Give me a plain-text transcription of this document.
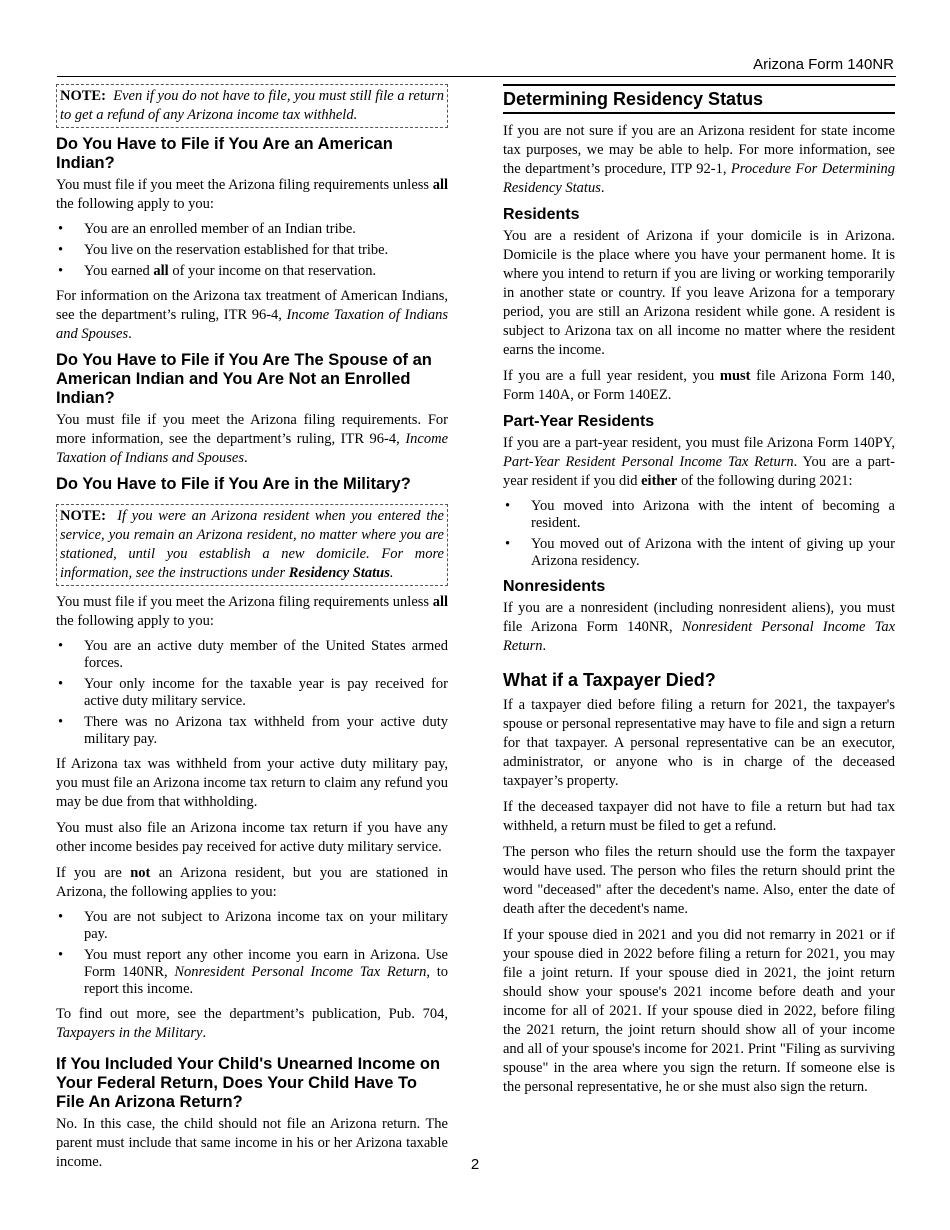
Arizona Form 140NR
NOTE: Even if you do not have to file, you must still file a return to get a refund of any Arizona income tax withheld.
Do You Have to File if You Are an American Indian?

You must file if you meet the Arizona filing requirements unless all the following apply to you:

• You are an enrolled member of an Indian tribe.
• You live on the reservation established for that tribe.
• You earned all of your income on that reservation.

For information on the Arizona tax treatment of American Indians, see the department’s ruling, ITR 96-4, Income Taxation of Indians and Spouses.

Do You Have to File if You Are The Spouse of an American Indian and You Are Not an Enrolled Indian?

You must file if you meet the Arizona filing requirements. For more information, see the department’s ruling, ITR 96-4, Income Taxation of Indians and Spouses.

Do You Have to File if You Are in the Military?
NOTE: If you were an Arizona resident when you entered the service, you remain an Arizona resident, no matter where you are stationed, until you establish a new domicile. For more information, see the instructions under Residency Status.

You must file if you meet the Arizona filing requirements unless all the following apply to you:

• You are an active duty member of the United States armed forces.
• Your only income for the taxable year is pay received for active duty military service.
• There was no Arizona tax withheld from your active duty military pay.

If Arizona tax was withheld from your active duty military pay, you must file an Arizona income tax return to claim any refund you may be due from that withholding.

You must also file an Arizona income tax return if you have any other income besides pay received for active duty military service.

If you are not an Arizona resident, but you are stationed in Arizona, the following applies to you:

• You are not subject to Arizona income tax on your military pay.
• You must report any other income you earn in Arizona. Use Form 140NR, Nonresident Personal Income Tax Return, to report this income.

To find out more, see the department’s publication, Pub. 704, Taxpayers in the Military.

If You Included Your Child's Unearned Income on Your Federal Return, Does Your Child Have To File An Arizona Return?

No. In this case, the child should not file an Arizona return. The parent must include that same income in his or her Arizona taxable income.

Determining Residency Status

If you are not sure if you are an Arizona resident for state income tax purposes, we may be able to help. For more information, see the department’s procedure, ITP 92-1, Procedure For Determining Residency Status.

Residents

You are a resident of Arizona if your domicile is in Arizona. Domicile is the place where you have your permanent home. It is where you intend to return if you are living or working temporarily in another state or country. If you leave Arizona for a temporary period, you are still an Arizona resident while gone. A resident is subject to Arizona tax on all income no matter where the resident earns the income.

If you are a full year resident, you must file Arizona Form 140, Form 140A, or Form 140EZ.

Part-Year Residents

If you are a part-year resident, you must file Arizona Form 140PY, Part-Year Resident Personal Income Tax Return. You are a part-year resident if you did either of the following during 2021:

• You moved into Arizona with the intent of becoming a resident.
• You moved out of Arizona with the intent of giving up your Arizona residency.
Nonresidents

If you are a nonresident (including nonresident aliens), you must file Arizona Form 140NR, Nonresident Personal Income Tax Return.

What if a Taxpayer Died?

If a taxpayer died before filing a return for 2021, the taxpayer's spouse or personal representative may have to file and sign a return for that taxpayer. A personal representative can be an executor, administrator, or anyone who is in charge of the deceased taxpayer’s property.

If the deceased taxpayer did not have to file a return but had tax withheld, a return must be filed to get a refund.

The person who files the return should use the form the taxpayer would have used. The person who files the return should print the word "deceased" after the decedent's name. Also, enter the date of death after the decedent's name.

If your spouse died in 2021 and you did not remarry in 2021 or if your spouse died in 2022 before filing a return for 2021, you may file a joint return. If your spouse died in 2021, the joint return should show your spouse's 2021 income before death and your income for all of 2021. If your spouse died in 2022, before filing the 2021 return, the joint return should show all of your income and all of your spouse's income for 2021. Print "Filing as surviving spouse" in the area where you sign the return. If someone else is the personal representative, he or she must also sign the return.

2
